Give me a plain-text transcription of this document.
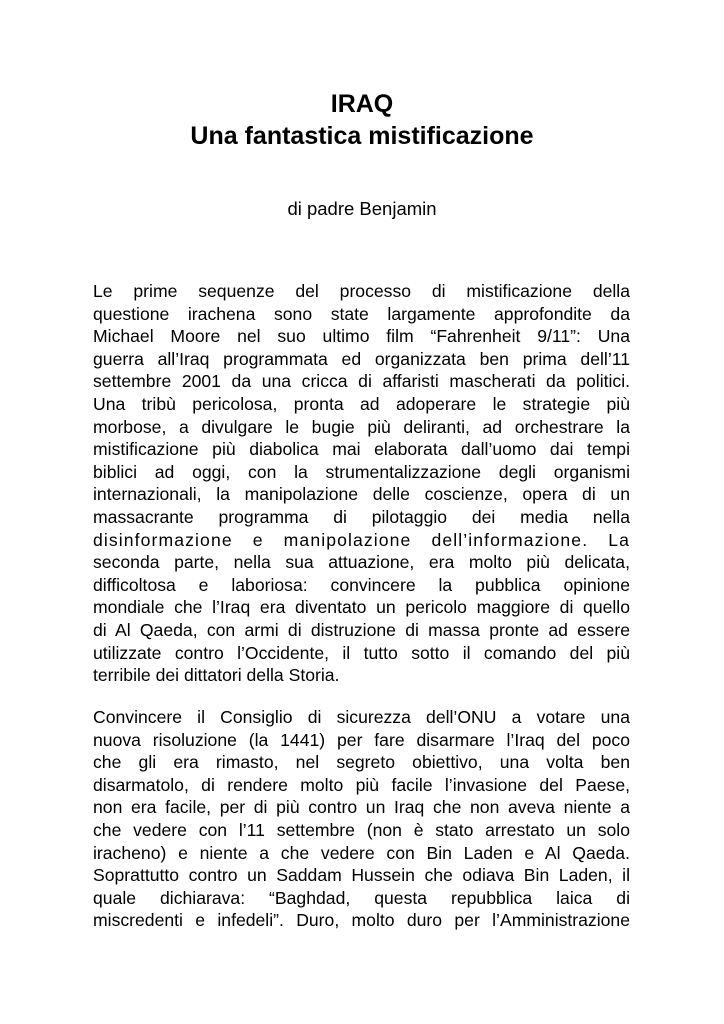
IRAQ

Una fantastica mistificazione

di padre Benjamin
Le prime sequenze del processo di mistificazione della
questione irachena sono state largamente approfondite da
Michael Moore nel suo ultimo film “Fahrenheit 9/11”: Una
guerra all’Iraq programmata ed organizzata ben prima dell’11
settembre 2001 da una cricca di affaristi mascherati da politici.
Una tribù pericolosa, pronta ad adoperare le strategie più
morbose, a divulgare le bugie più deliranti, ad orchestrare la
mistificazione più diabolica mai elaborata dall’uomo dai tempi
biblici ad oggi, con la strumentalizzazione degli organismi
internazionali, la manipolazione delle coscienze, opera di un
massacrante programma di pilotaggio dei media nella
disinformazione e manipolazione dell’informazione. La
seconda parte, nella sua attuazione, era molto più delicata,
difficoltosa e laboriosa: convincere la pubblica opinione
mondiale che l’Iraq era diventato un pericolo maggiore di quello
di Al Qaeda, con armi di distruzione di massa pronte ad essere
utilizzate contro l’Occidente, il tutto sotto il comando del più
terribile dei dittatori della Storia.
Convincere il Consiglio di sicurezza dell’ONU a votare una
nuova risoluzione (la 1441) per fare disarmare l’Iraq del poco
che gli era rimasto, nel segreto obiettivo, una volta ben
disarmatolo, di rendere molto più facile l’invasione del Paese,
non era facile, per di più contro un Iraq che non aveva niente a
che vedere con l’11 settembre (non è stato arrestato un solo
iracheno) e niente a che vedere con Bin Laden e Al Qaeda.
Soprattutto contro un Saddam Hussein che odiava Bin Laden, il
quale dichiarava: “Baghdad, questa repubblica laica di
miscredenti e infedeli”. Duro, molto duro per l’Amministrazione
